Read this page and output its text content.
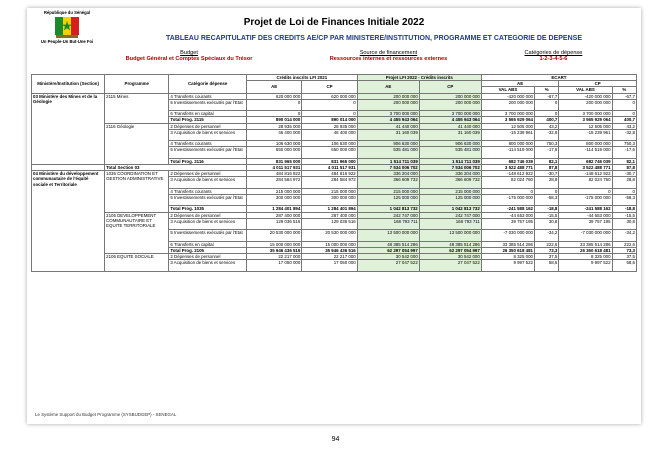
République du Sénégal
Un Peuple-Un But-Une Foi
Projet de Loi de Finances Initiale 2022
TABLEAU RECAPITULATIF DES CREDITS AE/CP PAR MINISTERE/INSTITUTION, PROGRAMME ET CATEGORIE DE DEPENSE
Budget
Budget Général et Comptes Spéciaux du Trésor
Source de financement
Ressources internes et ressources externes
Catégories de dépense
1-2-3-4-5-6
Ministère/Institution (Section)	Programme	Catégorie dépense	Crédits inscrits LFI 2021		Projet LFI 2022 - Crédits inscrits		ECART			
			AE	CP	AE	CP	AE		CP	
							VAL ABS	%	VAL ABS	%
03 Ministère des Mines et de la Géologie	2115 Mines	4 Transferts courants	620 000 000	620 000 000	200 000 000	200 000 000	-420 000 000	-67,7	-420 000 000	-67,7
		5 Investissements exécutés par l'Etat	0	0	200 000 000	200 000 000	200 000 000	0	200 000 000	0
		6 Transferts en capital	0	0	3 700 000 000	3 700 000 000	3 700 000 000	0	3 700 000 000	0
		Total Prog. 2115	890 014 000	890 014 000	4 455 943 064	4 455 943 064	3 565 929 064	400,7	3 565 929 064	400,7
	2116 Géologie	2 Dépenses de personnel	28 935 000	28 935 000	41 440 000	41 440 000	12 505 000	43,2	12 505 000	43,2
		3 Acquisition de biens et services	46 400 000	46 400 000	31 160 039	31 160 039	-15 239 961	-32,8	-15 239 961	-32,8
		4 Transferts courants	106 630 000	106 630 000	906 630 000	906 630 000	800 000 000	750,3	800 000 000	750,3
		5 Investissements exécutés par l'Etat	650 000 000	650 000 000	535 481 000	535 481 000	-114 519 000	-17,6	-114 519 000	-17,6
		Total Prog. 2116	831 965 000	831 965 000	1 514 711 039	1 514 711 039	682 746 039	82,1	682 746 039	82,1
	Total Section 03		4 011 517 931	4 011 517 931	7 534 006 702	7 534 006 702	3 522 488 771	87,8	3 522 488 771	87,8
04 Ministère du développement communautaire de l'équité sociale et Territoriale	1035 COORDINATION ET GESTION ADMINISTRATIVE	2 Dépenses de personnel	484 816 922	484 816 922	336 204 000	336 204 000	-148 612 922	-30,7	-148 612 922	-30,7
		3 Acquisition de biens et services	284 584 972	284 584 972	366 609 732	366 609 732	82 024 760	28,8	82 024 760	28,8
		4 Transferts courants	215 000 000	215 000 000	215 000 000	215 000 000	0	0	0	0
		5 Investissements exécutés par l'Etat	300 000 000	300 000 000	125 000 000	125 000 000	-175 000 000	-58,3	-175 000 000	-58,3
		Total Prog. 1035	1 284 401 894	1 284 401 894	1 042 813 732	1 042 813 732	-241 588 162	-18,8	-241 588 162	-18,8
	2105 DEVELOPPEMENT COMMUNAUTAIRE ET EQUITE TERRITORIALE	2 Dépenses de personnel	287 400 000	287 400 000	242 747 000	242 747 000	-44 653 000	-15,5	-44 653 000	-15,5
		3 Acquisition de biens et services	129 036 516	129 036 516	168 793 711	168 793 711	39 757 195	30,8	39 757 195	30,8
		5 Investissements exécutés par l'Etat	20 530 000 000	20 530 000 000	13 500 000 000	13 500 000 000	-7 030 000 000	-34,2	-7 030 000 000	-34,2
		6 Transferts en capital	15 000 000 000	15 000 000 000	48 385 514 286	48 385 514 286	33 385 514 286	222,6	33 385 514 286	222,6
		Total Prog. 2105	35 946 436 516	35 946 436 516	62 297 054 997	62 297 054 997	26 350 618 481	73,3	26 350 618 481	73,3
	2106 EQUITE SOCIALE	2 Dépenses de personnel	22 217 000	22 217 000	30 542 000	30 542 000	8 325 000	37,5	8 325 000	37,5
		3 Acquisition de biens et services	17 050 000	17 050 000	27 047 522	27 047 522	9 997 522	58,6	9 997 522	58,6
Le Système Support du Budget Programme (SYSBUDGEP) - SENEGAL
94
